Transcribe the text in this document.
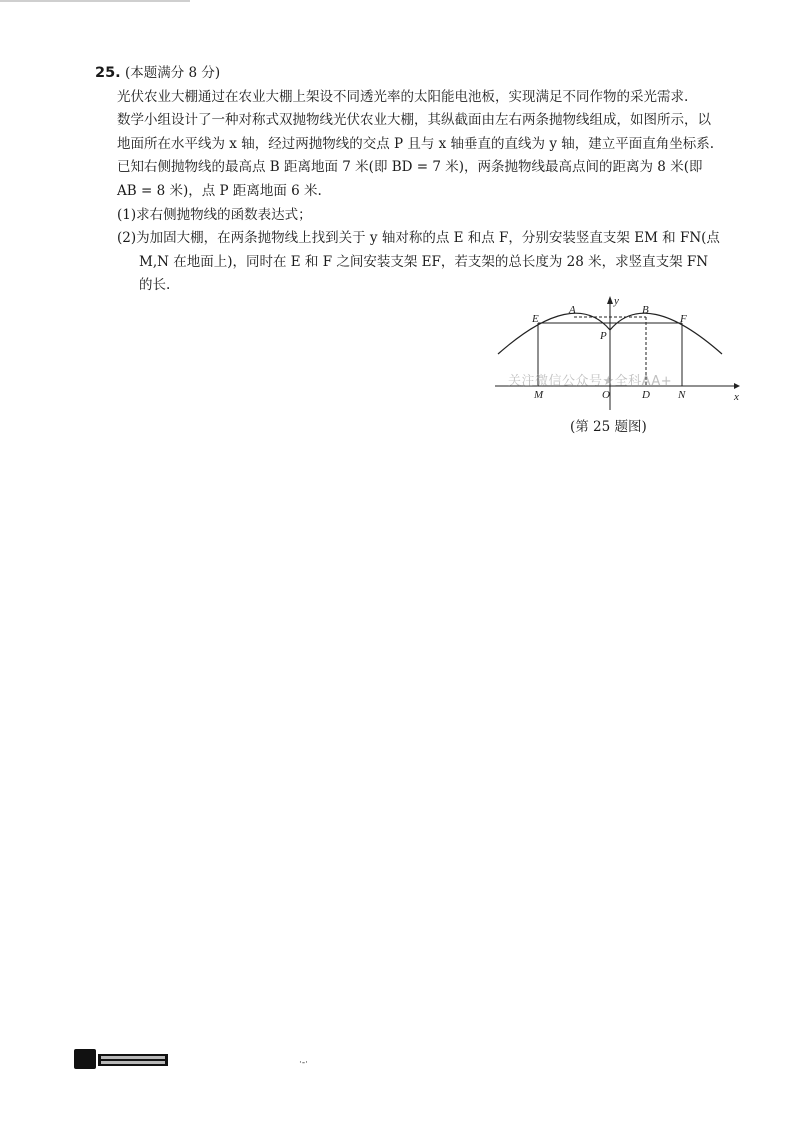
25. (本题满分 8 分)
光伏农业大棚通过在农业大棚上架设不同透光率的太阳能电池板，实现满足不同作物的采光需求.
数学小组设计了一种对称式双抛物线光伏农业大棚，其纵截面由左右两条抛物线组成，如图所示，以
地面所在水平线为 x 轴，经过两抛物线的交点 P 且与 x 轴垂直的直线为 y 轴，建立平面直角坐标系.
已知右侧抛物线的最高点 B 距离地面 7 米(即 BD = 7 米)，两条抛物线最高点间的距离为 8 米(即
AB = 8 米)，点 P 距离地面 6 米.
(1)求右侧抛物线的函数表达式；
(2)为加固大棚，在两条抛物线上找到关于 y 轴对称的点 E 和点 F，分别安装竖直支架 EM 和 FN(点
M,N 在地面上)，同时在 E 和 F 之间安装支架 EF，若支架的总长度为 28 米，求竖直支架 FN
的长.
y
x
A	B
E	F
P
M	O	D	N
关注微信公众号★全科AA+
(第 25 题图)
·-·
